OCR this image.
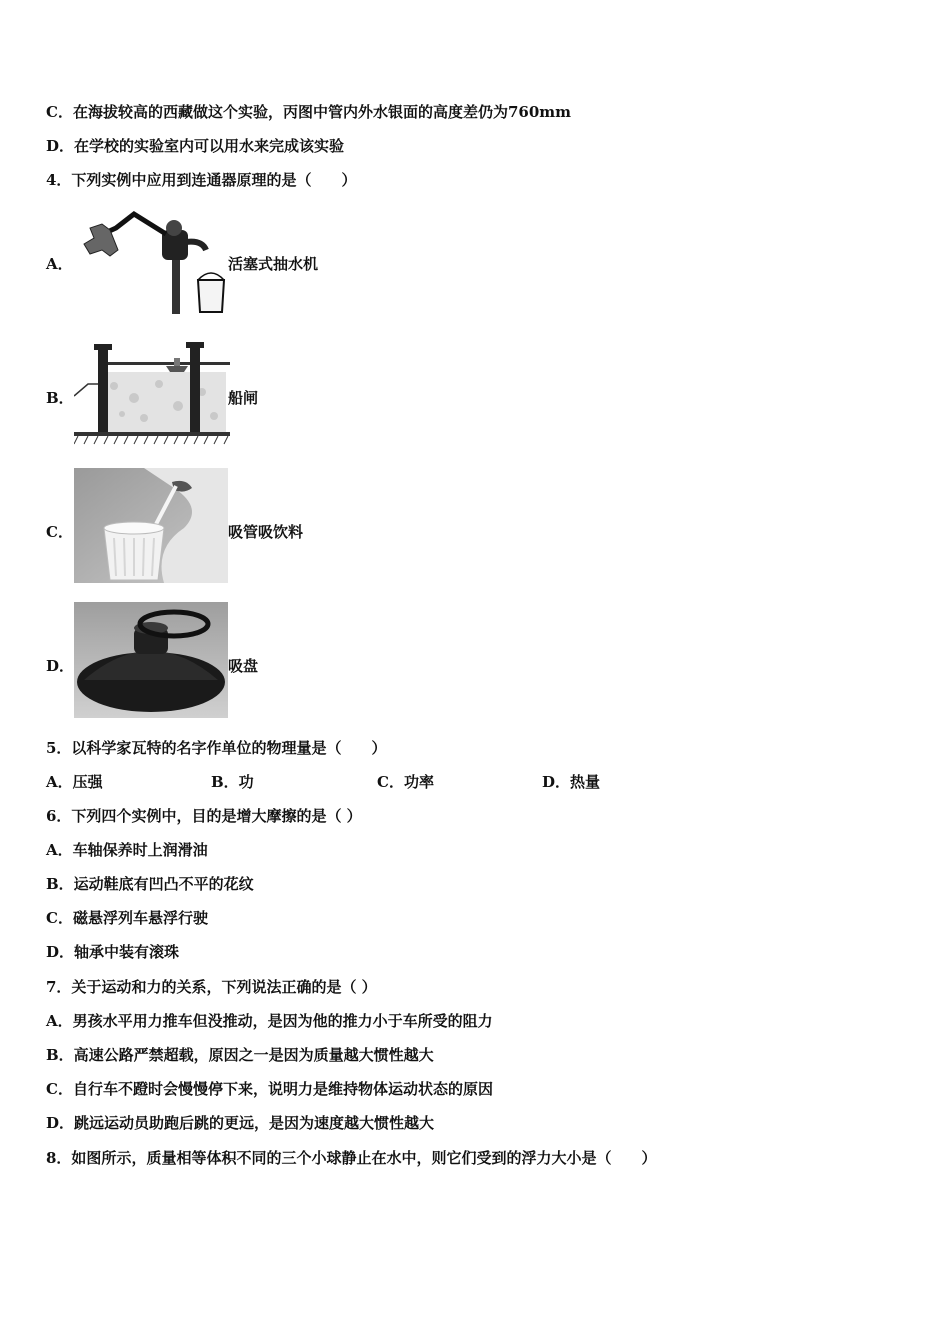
C．在海拔较高的西藏做这个实验，丙图中管内外水银面的高度差仍为760mm
D．在学校的实验室内可以用水来完成该实验
4．下列实例中应用到连通器原理的是（　　）
A．	活塞式抽水机
B．	船闸
C．	吸管吸饮料
D．	吸盘
5．以科学家瓦特的名字作单位的物理量是（　　）
A．压强	B．功	C．功率	D．热量
6．下列四个实例中，目的是增大摩擦的是（ ）
A．车轴保养时上润滑油
B．运动鞋底有凹凸不平的花纹
C．磁悬浮列车悬浮行驶
D．轴承中装有滚珠
7．关于运动和力的关系，下列说法正确的是（ ）
A．男孩水平用力推车但没推动，是因为他的推力小于车所受的阻力
B．高速公路严禁超载，原因之一是因为质量越大惯性越大
C．自行车不蹬时会慢慢停下来，说明力是维持物体运动状态的原因
D．跳远运动员助跑后跳的更远，是因为速度越大惯性越大
8．如图所示，质量相等体积不同的三个小球静止在水中，则它们受到的浮力大小是（　　）
